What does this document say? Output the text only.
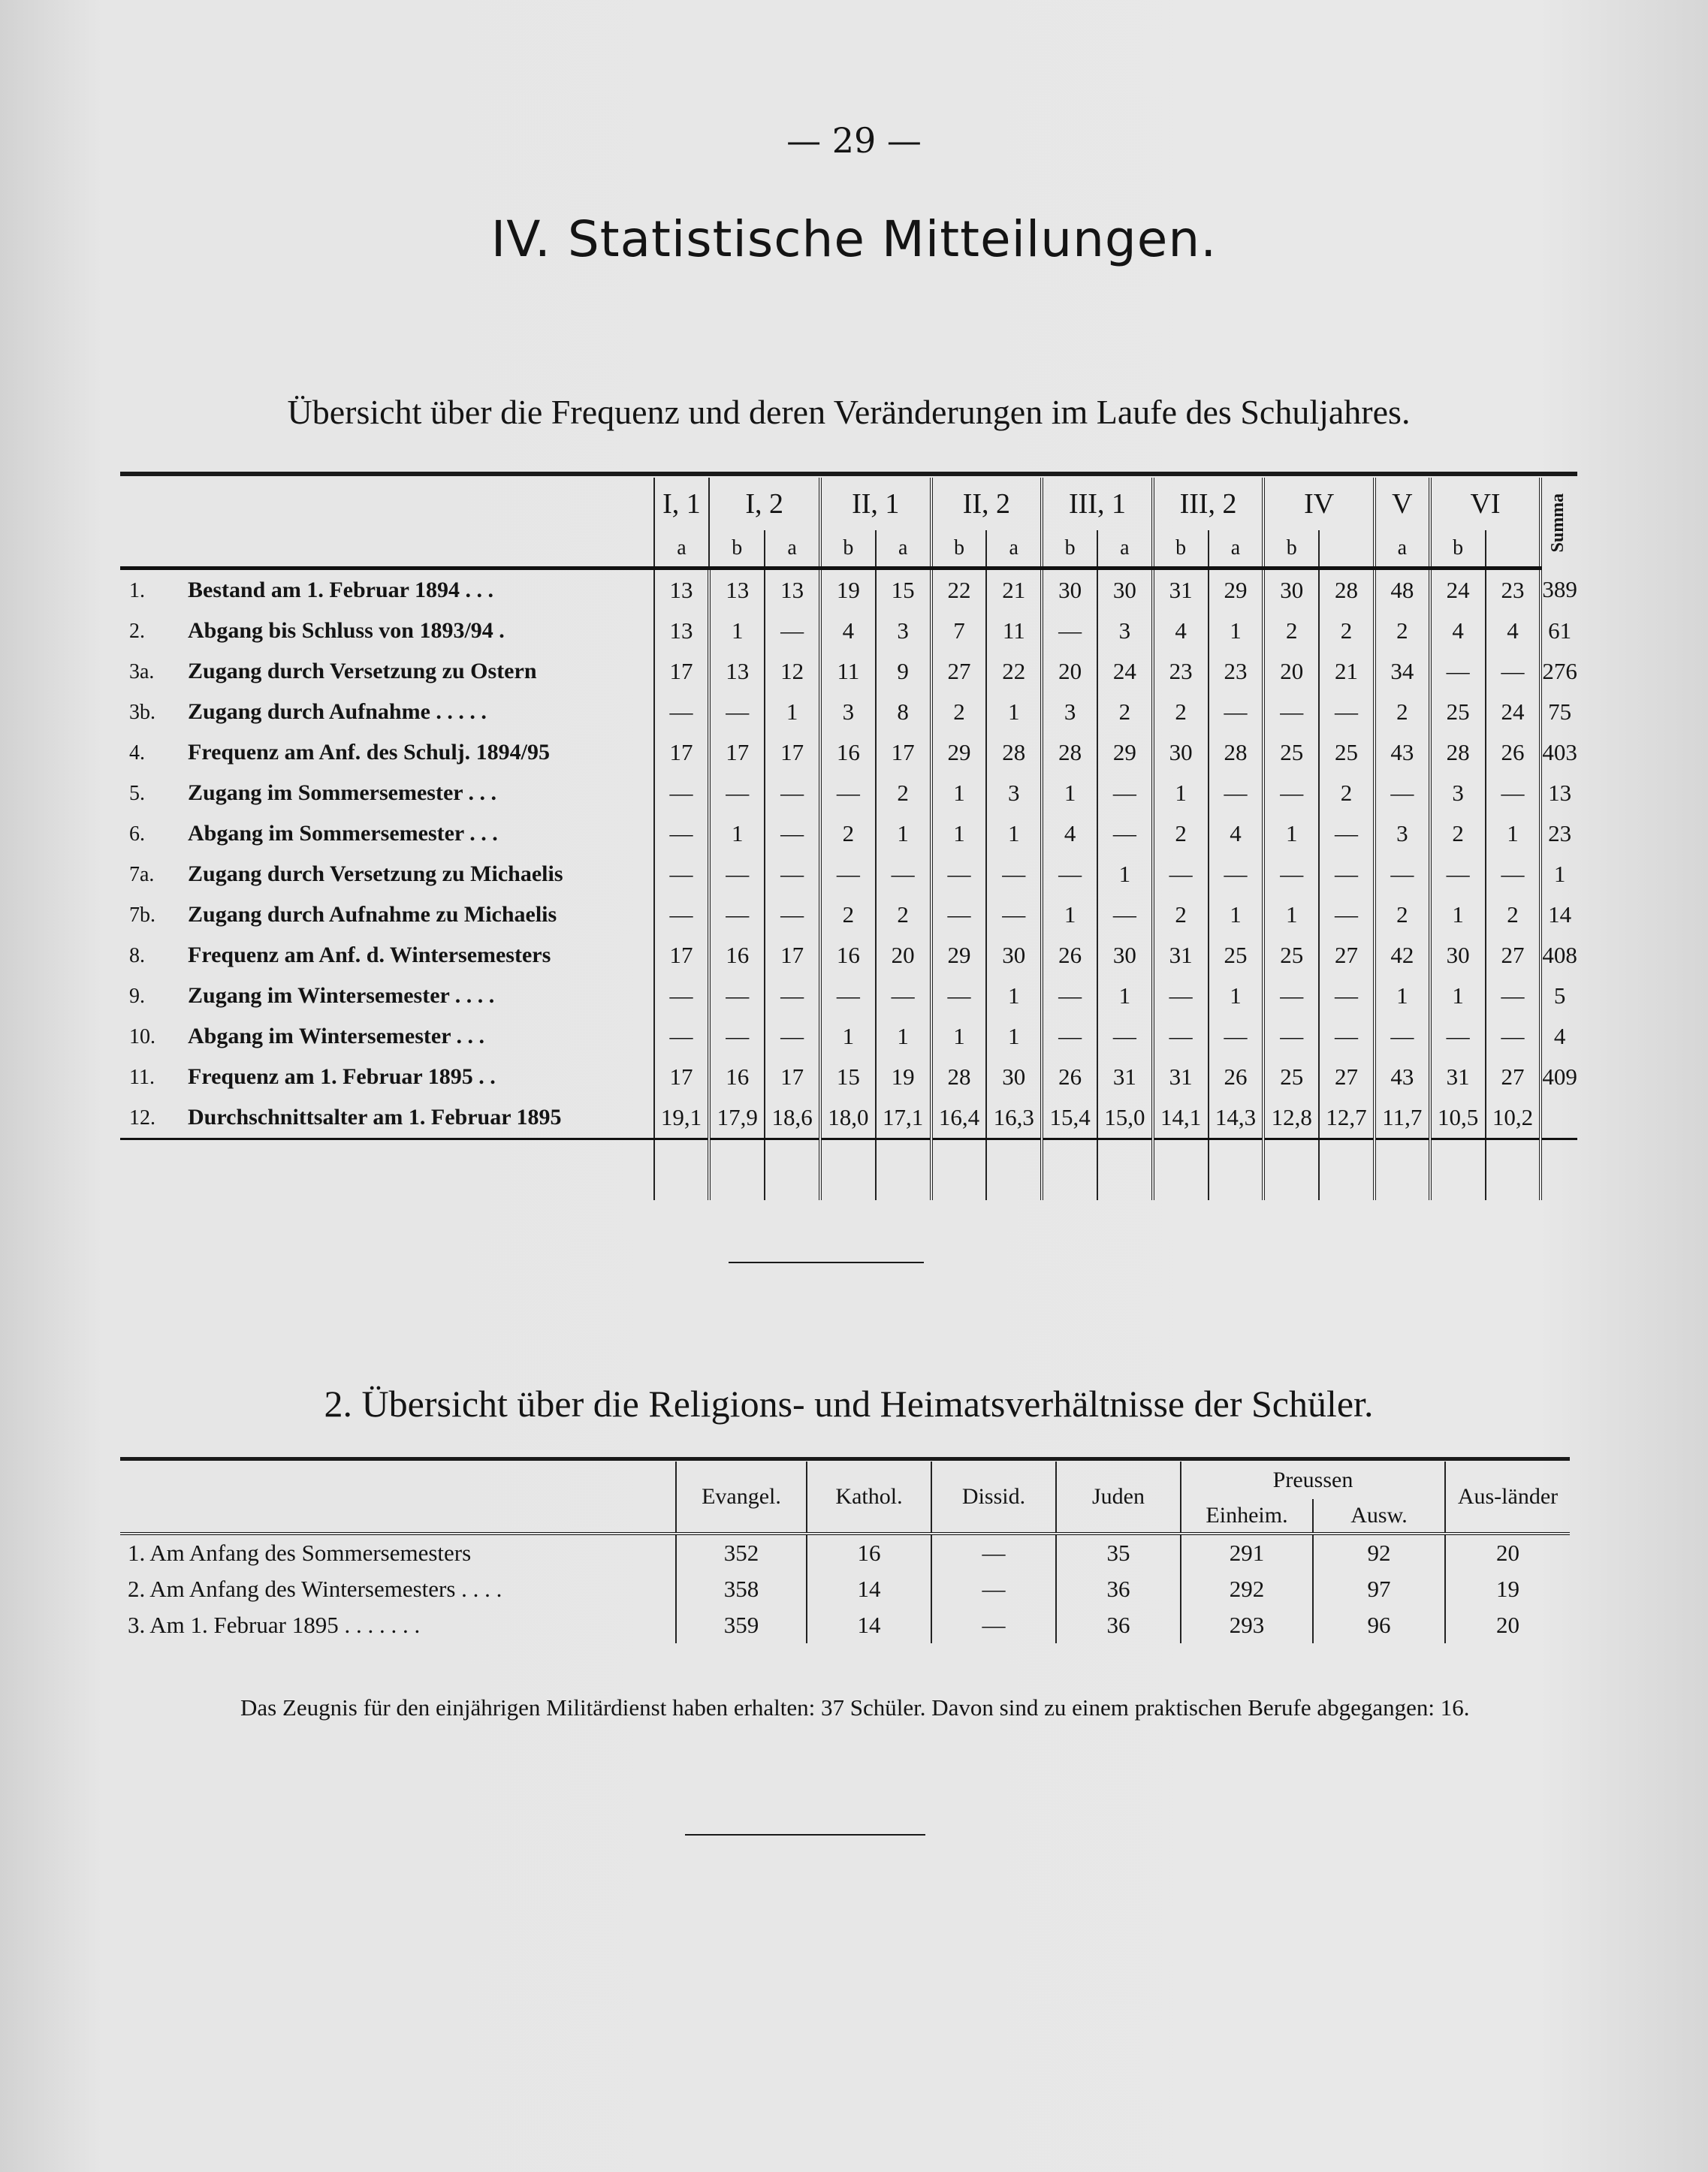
— 29 —
IV. Statistische Mitteilungen.
Übersicht über die Frequenz und deren Veränderungen im Laufe des Schuljahres.
	I, 1	I, 2		II, 1		II, 2		III, 1		III, 2		IV		V	VI		Summa
	a	b	a	b	a	b	a	b	a	b	a	b		a	b		
1. Bestand am 1. Februar 1894 . . .	13	13	13	19	15	22	21	30	30	31	29	30	28	48	24	23	389
2. Abgang bis Schluss von 1893/94 .	13	1	—	4	3	7	11	—	3	4	1	2	2	2	4	4	61
3a. Zugang durch Versetzung zu Ostern	17	13	12	11	9	27	22	20	24	23	23	20	21	34	—	—	276
3b. Zugang durch Aufnahme . . . . .	—	—	1	3	8	2	1	3	2	2	—	—	—	2	25	24	75
4. Frequenz am Anf. des Schulj. 1894/95	17	17	17	16	17	29	28	28	29	30	28	25	25	43	28	26	403
5. Zugang im Sommersemester . . .	—	—	—	—	2	1	3	1	—	1	—	—	2	—	3	—	13
6. Abgang im Sommersemester . . .	—	1	—	2	1	1	1	4	—	2	4	1	—	3	2	1	23
7a. Zugang durch Versetzung zu Michaelis	—	—	—	—	—	—	—	—	1	—	—	—	—	—	—	—	1
7b. Zugang durch Aufnahme zu Michaelis	—	—	—	2	2	—	—	1	—	2	1	1	—	2	1	2	14
8. Frequenz am Anf. d. Wintersemesters	17	16	17	16	20	29	30	26	30	31	25	25	27	42	30	27	408
9. Zugang im Wintersemester . . . .	—	—	—	—	—	—	1	—	1	—	1	—	—	1	1	—	5
10. Abgang im Wintersemester . . .	—	—	—	1	1	1	1	—	—	—	—	—	—	—	—	—	4
11. Frequenz am 1. Februar 1895 . .	17	16	17	15	19	28	30	26	31	31	26	25	27	43	31	27	409
12. Durchschnittsalter am 1. Februar 1895	19,1	17,9	18,6	18,0	17,1	16,4	16,3	15,4	15,0	14,1	14,3	12,8	12,7	11,7	10,5	10,2	

2. Übersicht über die Religions- und Heimatsverhältnisse der Schüler.
	Evangel.	Kathol.	Dissid.	Juden	Preussen		Aus-länder
					Einheim.	Ausw.	
1. Am Anfang des Sommersemesters	352	16	—	35	291	92	20
2. Am Anfang des Wintersemesters . . . .	358	14	—	36	292	97	19
3. Am 1. Februar 1895 . . . . . . .	359	14	—	36	293	96	20
Das Zeugnis für den einjährigen Militärdienst haben erhalten: 37 Schüler. Davon sind zu einem praktischen Berufe abgegangen: 16.
